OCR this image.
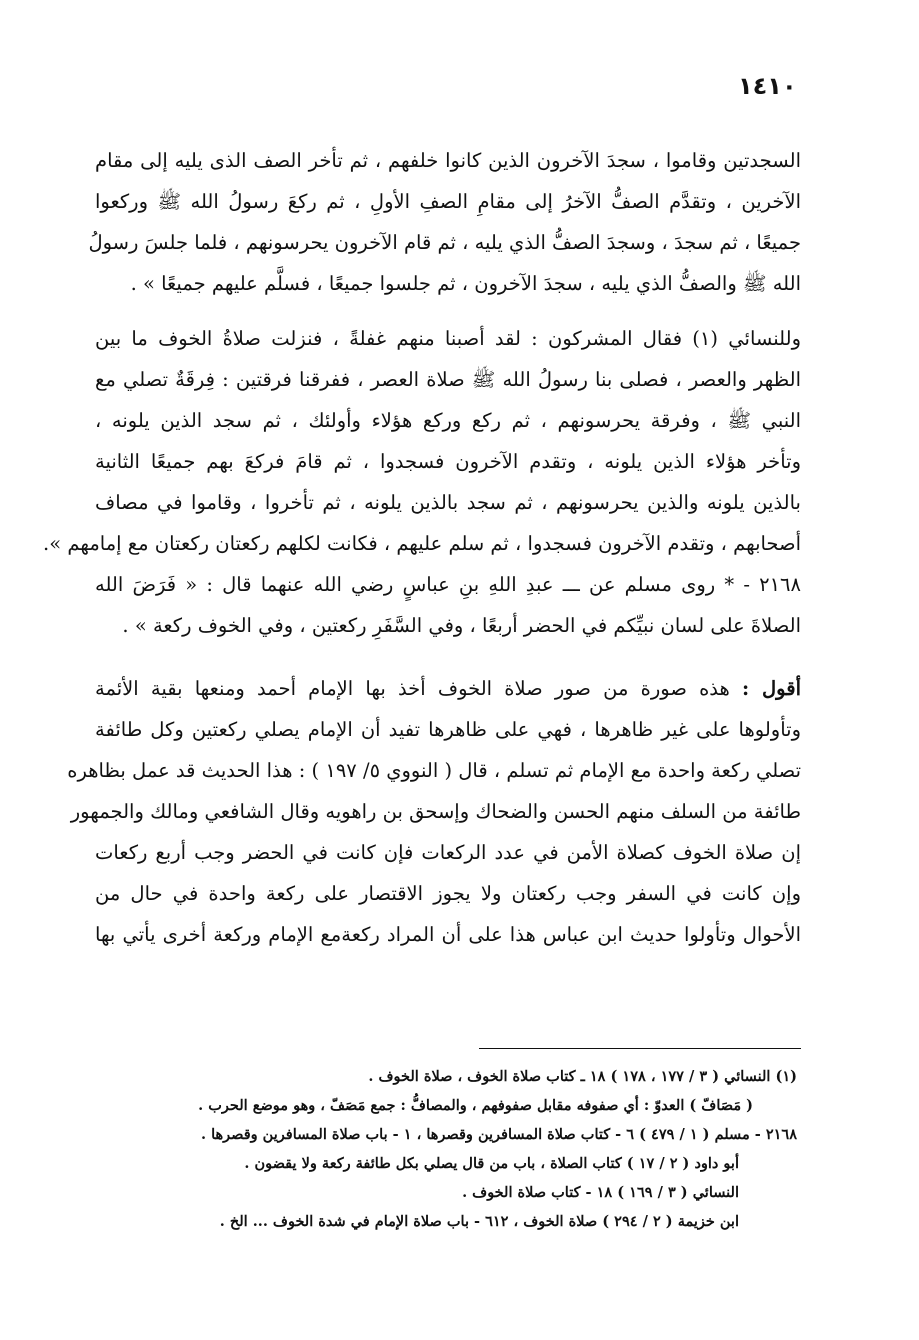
١٤١٠
السجدتين وقاموا ، سجدَ الآخرون الذين كانوا خلفهم ، ثم تأخر الصف الذى يليه إلى مقام
الآخرين ، وتقدَّم الصفُّ الآخرُ إلى مقامِ الصفِ الأولِ ، ثم ركعَ رسولُ الله ﷺ وركعوا
جميعًا ، ثم سجدَ ، وسجدَ الصفُّ الذي يليه ، ثم قام الآخرون يحرسونهم ، فلما جلسَ رسولُ
الله ﷺ والصفُّ الذي يليه ، سجدَ الآخرون ، ثم جلسوا جميعًا ، فسلَّم عليهم جميعًا » .
وللنسائي (١) فقال المشركون : لقد أصبنا منهم غفلةً ، فنزلت صلاةُ الخوف ما بين
الظهر والعصر ، فصلى بنا رسولُ الله ﷺ صلاة العصر ، ففرقنا فرقتين : فِرقَةٌ تصلي مع
النبي ﷺ ، وفرقة يحرسونهم ، ثم ركع وركع هؤلاء وأولئك ، ثم سجد الذين يلونه ،
وتأخر هؤلاء الذين يلونه ، وتقدم الآخرون فسجدوا ، ثم قامَ فركعَ بهم جميعًا الثانية
بالذين يلونه والذين يحرسونهم ، ثم سجد بالذين يلونه ، ثم تأخروا ، وقاموا في مصاف
أصحابهم ، وتقدم الآخرون فسجدوا ، ثم سلم عليهم ، فكانت لكلهم ركعتان ركعتان مع إمامهم ».
٢١٦٨ - * روى مسلم عن ـــ عبدِ اللهِ بنِ عباسٍ رضي الله عنهما قال : « فَرَضَ الله
الصلاةَ على لسان نبيِّكم في الحضر أربعًا ، وفي السَّفَرِ ركعتين ، وفي الخوف ركعة » .
أقول : هذه صورة من صور صلاة الخوف أخذ بها الإمام أحمد ومنعها بقية الأئمة
وتأولوها على غير ظاهرها ، فهي على ظاهرها تفيد أن الإمام يصلي ركعتين وكل طائفة
تصلي ركعة واحدة مع الإمام ثم تسلم ، قال ( النووي ٥/ ١٩٧ ) : هذا الحديث قد عمل بظاهره
طائفة من السلف منهم الحسن والضحاك وإسحق بن راهويه وقال الشافعي ومالك والجمهور
إن صلاة الخوف كصلاة الأمن في عدد الركعات فإن كانت في الحضر وجب أربع ركعات
وإن كانت في السفر وجب ركعتان ولا يجوز الاقتصار على ركعة واحدة في حال من
الأحوال وتأولوا حديث ابن عباس هذا على أن المراد ركعةمع الإمام وركعة أخرى يأتي بها
(١) النسائي ( ٣ / ١٧٧ ، ١٧٨ ) ١٨ ـ كتاب صلاة الخوف ، صلاة الخوف .
( مَصَافّ ) العدوّ : أي صفوفه مقابل صفوفهم ، والمصافُّ : جمع مَصَفّ ، وهو موضع الحرب .
٢١٦٨ - مسلم ( ١ / ٤٧٩ ) ٦ - كتاب صلاة المسافرين وقصرها ، ١ - باب صلاة المسافرين وقصرها .
أبو داود ( ٢ / ١٧ ) كتاب الصلاة ، باب من قال يصلي بكل طائفة ركعة ولا يقضون .
النسائي ( ٣ / ١٦٩ ) ١٨ - كتاب صلاة الخوف .
ابن خزيمة ( ٢ / ٢٩٤ ) صلاة الخوف ، ٦١٢ - باب صلاة الإمام في شدة الخوف ... الخ .
